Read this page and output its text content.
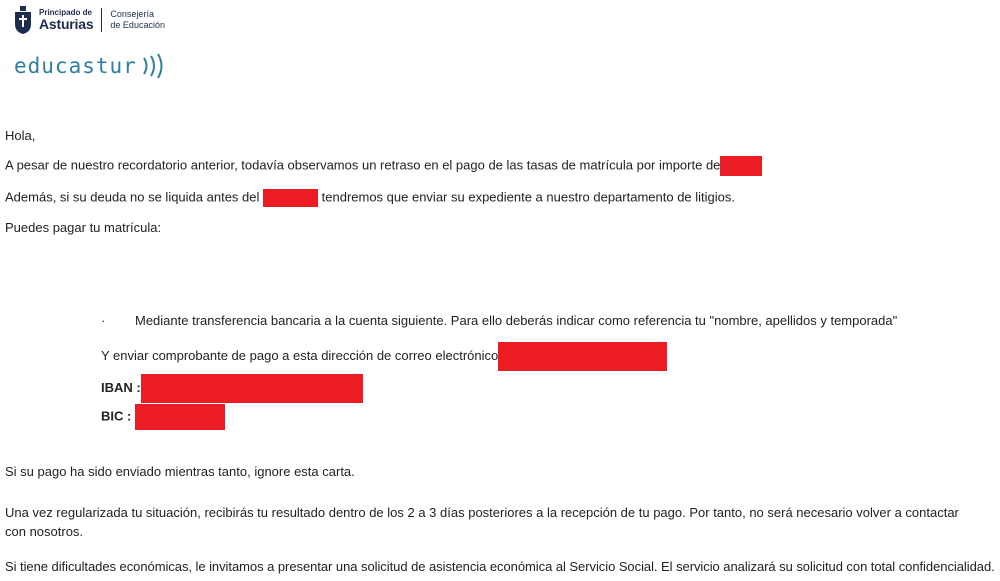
Principado de
Asturias
Consejería
de Educación
educastur
Hola,
A pesar de nuestro recordatorio anterior, todavía observamos un retraso en el pago de las tasas de matrícula por importe de
Además, si su deuda no se liquida antes del	tendremos que enviar su expediente a nuestro departamento de litigios.
Puedes pagar tu matrícula:
· Mediante transferencia bancaria a la cuenta siguiente. Para ello deberás indicar como referencia tu "nombre, apellidos y temporada"
Y enviar comprobante de pago a esta dirección de correo electrónico
IBAN :
BIC :
Si su pago ha sido enviado mientras tanto, ignore esta carta.
Una vez regularizada tu situación, recibirás tu resultado dentro de los 2 a 3 días posteriores a la recepción de tu pago. Por tanto, no será necesario volver a contactar con nosotros.
Si tiene dificultades económicas, le invitamos a presentar una solicitud de asistencia económica al Servicio Social. El servicio analizará su solicitud con total confidencialidad.
